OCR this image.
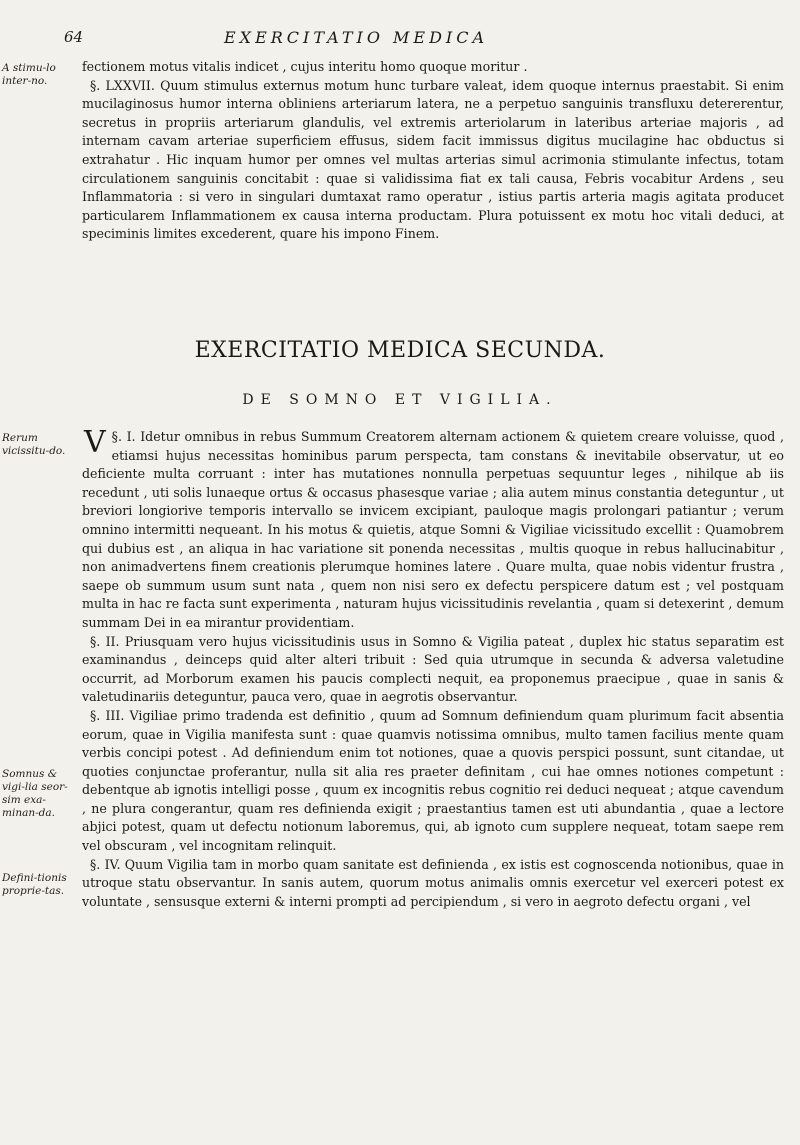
64	EXERCITATIO MEDICA
A stimu-lo inter-no.
Rerum vicissitu-do.
Somnus & vigi-lia seor-sim exa-minan-da.
Defini-tionis proprie-tas.

fectionem motus vitalis indicet , cujus interitu homo quoque moritur .

§. LXXVII. Quum stimulus externus motum hunc turbare valeat, idem quoque internus praestabit. Si enim mucilaginosus humor interna obliniens arteriarum latera, ne a perpetuo sanguinis transfluxu detererentur, secretus in propriis arteriarum glandulis, vel extremis arteriolarum in lateribus arteriae majoris , ad internam cavam arteriae superficiem effusus, sidem facit immissus digitus mucilagine hac obductus si extrahatur . Hic inquam humor per omnes vel multas arterias simul acrimonia stimulante infectus, totam circulationem sanguinis concitabit : quae si validissima fiat ex tali causa, Febris vocabitur Ardens , seu Inflammatoria : si vero in singulari dumtaxat ramo operatur , istius partis arteria magis agitata producet particularem Inflammationem ex causa interna productam. Plura potuissent ex motu hoc vitali deduci, at speciminis limites excederent, quare his impono Finem.

EXERCITATIO MEDICA SECUNDA.
DE SOMNO ET VIGILIA.

§. I.
V	Idetur omnibus in rebus Summum Creatorem alternam actionem & quietem creare voluisse, quod , etiamsi hujus necessitas hominibus parum perspecta, tam constans & inevitabile observatur, ut eo deficiente multa corruant : inter has mutationes nonnulla perpetuas sequuntur leges , nihilque ab iis recedunt , uti solis lunaeque ortus & occasus phasesque variae ; alia autem minus constantia deteguntur , ut breviori longiorive temporis intervallo se invicem excipiant, pauloque magis prolongari patiantur ; verum omnino intermitti nequeant. In his motus & quietis, atque Somni & Vigiliae vicissitudo excellit : Quamobrem qui dubius est , an aliqua in hac variatione sit ponenda necessitas , multis quoque in rebus hallucinabitur , non animadvertens finem creationis plerumque homines latere . Quare multa, quae nobis videntur frustra , saepe ob summum usum sunt nata , quem non nisi sero ex defectu perspicere datum est ; vel postquam multa in hac re facta sunt experimenta , naturam hujus vicissitudinis revelantia , quam si detexerint , demum summam Dei in ea mirantur providentiam.

§. II. Priusquam vero hujus vicissitudinis usus in Somno & Vigilia pateat , duplex hic status separatim est examinandus , deinceps quid alter alteri tribuit : Sed quia utrumque in secunda & adversa valetudine occurrit, ad Morborum examen his paucis complecti nequit, ea proponemus praecipue , quae in sanis & valetudinariis deteguntur, pauca vero, quae in aegrotis observantur.

§. III. Vigiliae primo tradenda est definitio , quum ad Somnum definiendum quam plurimum facit absentia eorum, quae in Vigilia manifesta sunt : quae quamvis notissima omnibus, multo tamen facilius mente quam verbis concipi potest . Ad definiendum enim tot notiones, quae a quovis perspici possunt, sunt citandae, ut quoties conjunctae proferantur, nulla sit alia res praeter definitam , cui hae omnes notiones competunt : debentque ab ignotis intelligi posse , quum ex incognitis rebus cognitio rei deduci nequeat ; atque cavendum , ne plura congerantur, quam res definienda exigit ; praestantius tamen est uti abundantia , quae a lectore abjici potest, quam ut defectu notionum laboremus, qui, ab ignoto cum supplere nequeat, totam saepe rem vel obscuram , vel incognitam relinquit.

§. IV. Quum Vigilia tam in morbo quam sanitate est definienda , ex istis est cognoscenda notionibus, quae in utroque statu observantur. In sanis autem, quorum motus animalis omnis exercetur vel exerceri potest ex voluntate , sensusque externi & interni prompti ad percipiendum , si vero in aegroto defectu organi , vel
